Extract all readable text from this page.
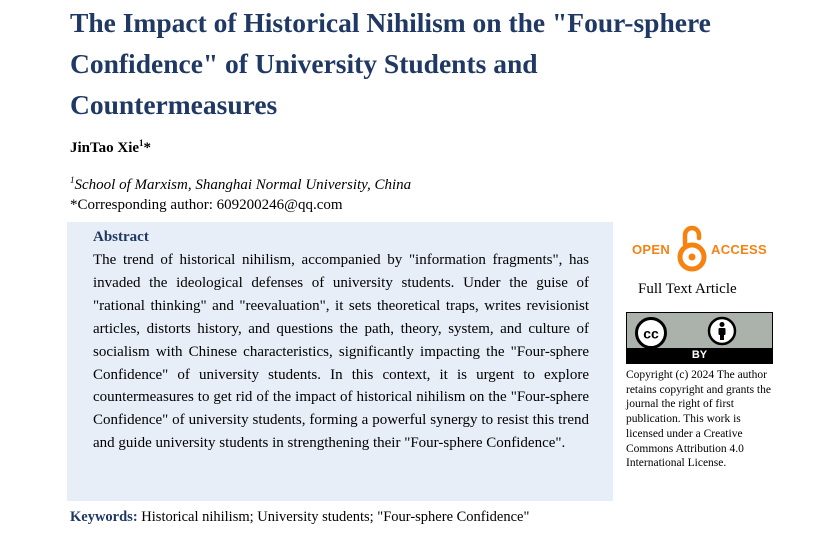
The Impact of Historical Nihilism on the "Four-sphere Confidence" of University Students and Countermeasures
JinTao Xie$^1$*
$^1$School of Marxism, Shanghai Normal University, China
*Corresponding author: 609200246@qq.com
Abstract

The trend of historical nihilism, accompanied by "information fragments", has invaded the ideological defenses of university students. Under the guise of "rational thinking" and "reevaluation", it sets theoretical traps, writes revisionist articles, distorts history, and questions the path, theory, system, and culture of socialism with Chinese characteristics, significantly impacting the "Four-sphere Confidence" of university students. In this context, it is urgent to explore countermeasures to get rid of the impact of historical nihilism on the "Four-sphere Confidence" of university students, forming a powerful synergy to resist this trend and guide university students in strengthening their "Four-sphere Confidence".

Keywords: Historical nihilism; University students; "Four-sphere Confidence"
OPEN	ACCESS
Full Text Article
cc
BY

Copyright (c) 2024 The author retains copyright and grants the journal the right of first publication. This work is licensed under a Creative Commons Attribution 4.0 International License.
